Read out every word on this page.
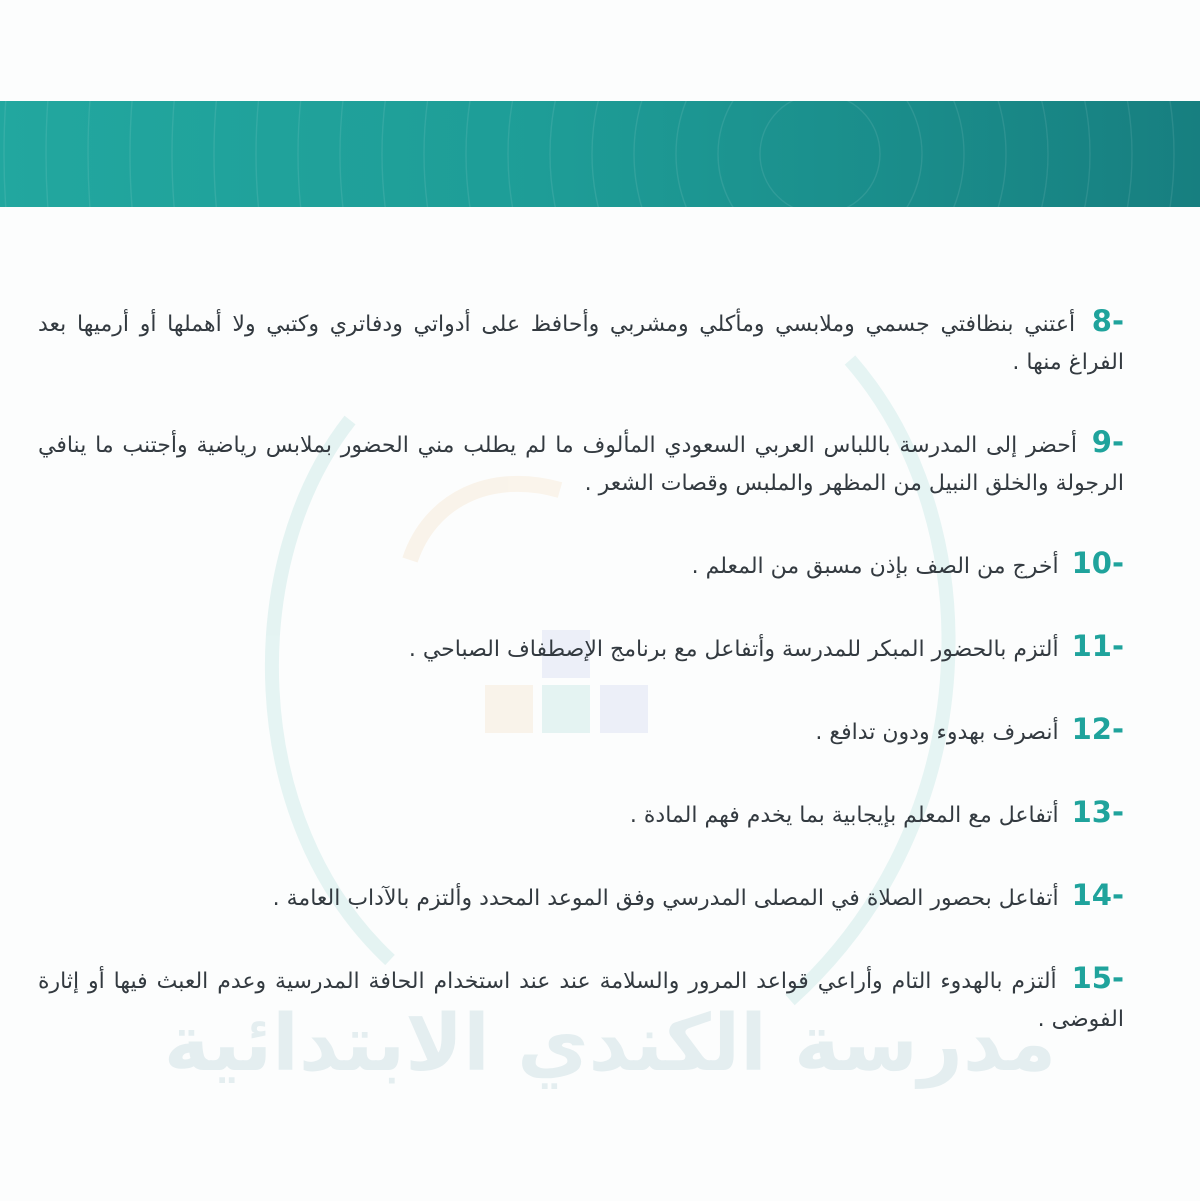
مدرسة الكندي الابتدائية

8- أعتني بنظافتي جسمي وملابسي ومأكلي ومشربي وأحافظ على أدواتي ودفاتري وكتبي ولا أهملها أو أرميها بعد الفراغ منها .

9- أحضر إلى المدرسة باللباس العربي السعودي المألوف ما لم يطلب مني الحضور بملابس رياضية وأجتنب ما ينافي الرجولة والخلق النبيل من المظهر والملبس وقصات الشعر .

10- أخرج من الصف بإذن مسبق من المعلم .

11- ألتزم بالحضور المبكر للمدرسة وأتفاعل مع برنامج الإصطفاف الصباحي .

12- أنصرف بهدوء ودون تدافع .

13- أتفاعل مع المعلم بإيجابية بما يخدم فهم المادة .

14- أتفاعل بحصور الصلاة في المصلى المدرسي وفق الموعد المحدد وألتزم بالآداب العامة .

15- ألتزم بالهدوء التام وأراعي قواعد المرور والسلامة عند عند استخدام الحافة المدرسية وعدم العبث فيها أو إثارة الفوضى .
